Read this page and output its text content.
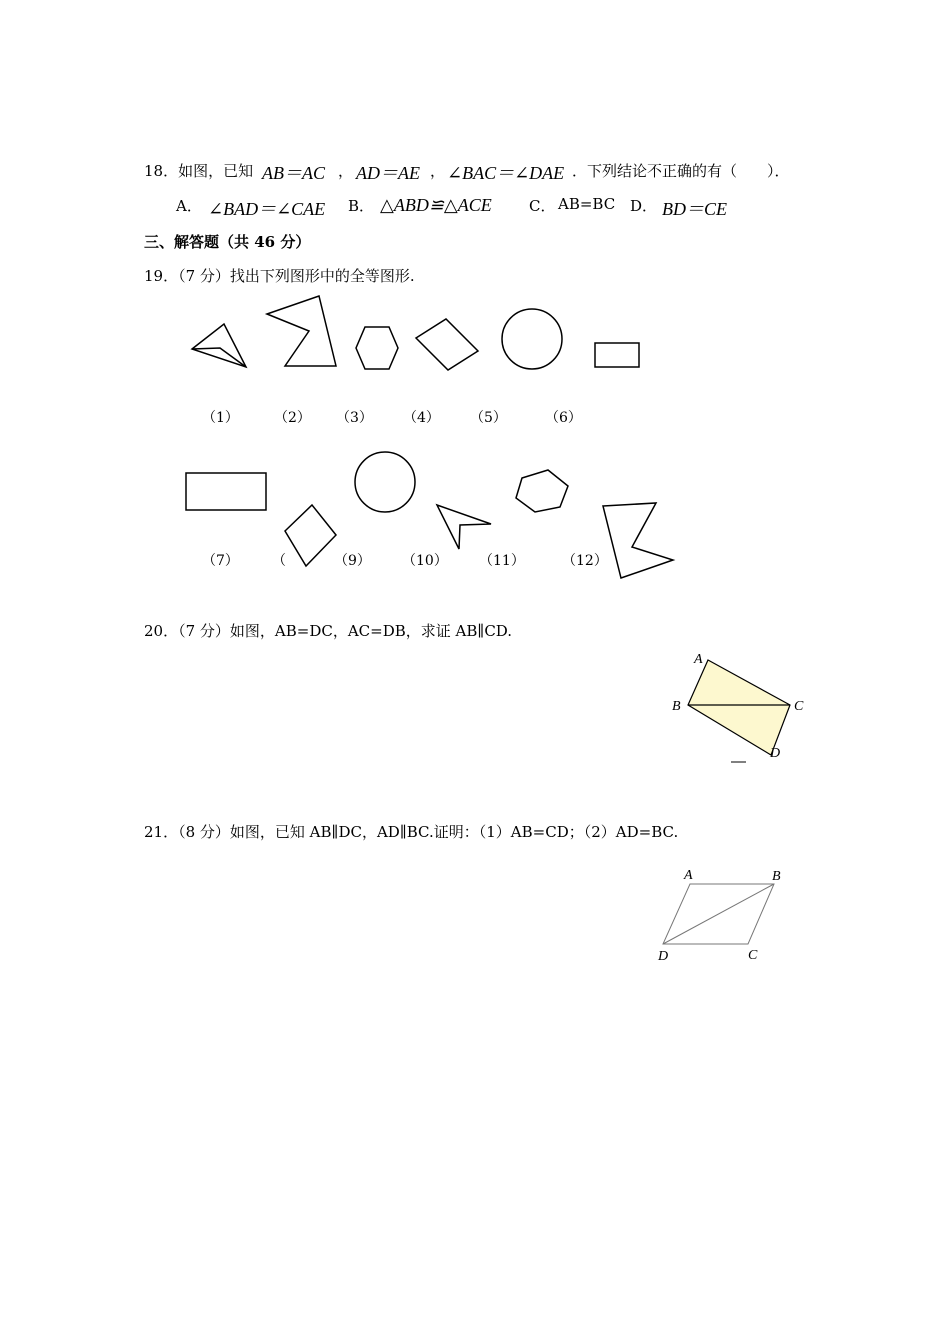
18．如图，已知 AB＝AC ， AD＝AE ， ∠BAC＝∠DAE ．下列结论不正确的有（　　）．
A． ∠BAD＝∠CAE B． △ABD≌△ACE C． AB=BC D． BD＝CE
三、解答题（共 46 分）
19．（7 分）找出下列图形中的全等图形.
（1）	（2） （3） （4） （5）	（6）
（7） （	（9） （10） （11）	（12）
20．（7 分）如图，AB=DC，AC=DB，求证 AB∥CD.
A
B	C
D
21．（8 分）如图，已知 AB∥DC，AD∥BC.证明：（1）AB=CD；（2）AD=BC.
A	B
C
D
